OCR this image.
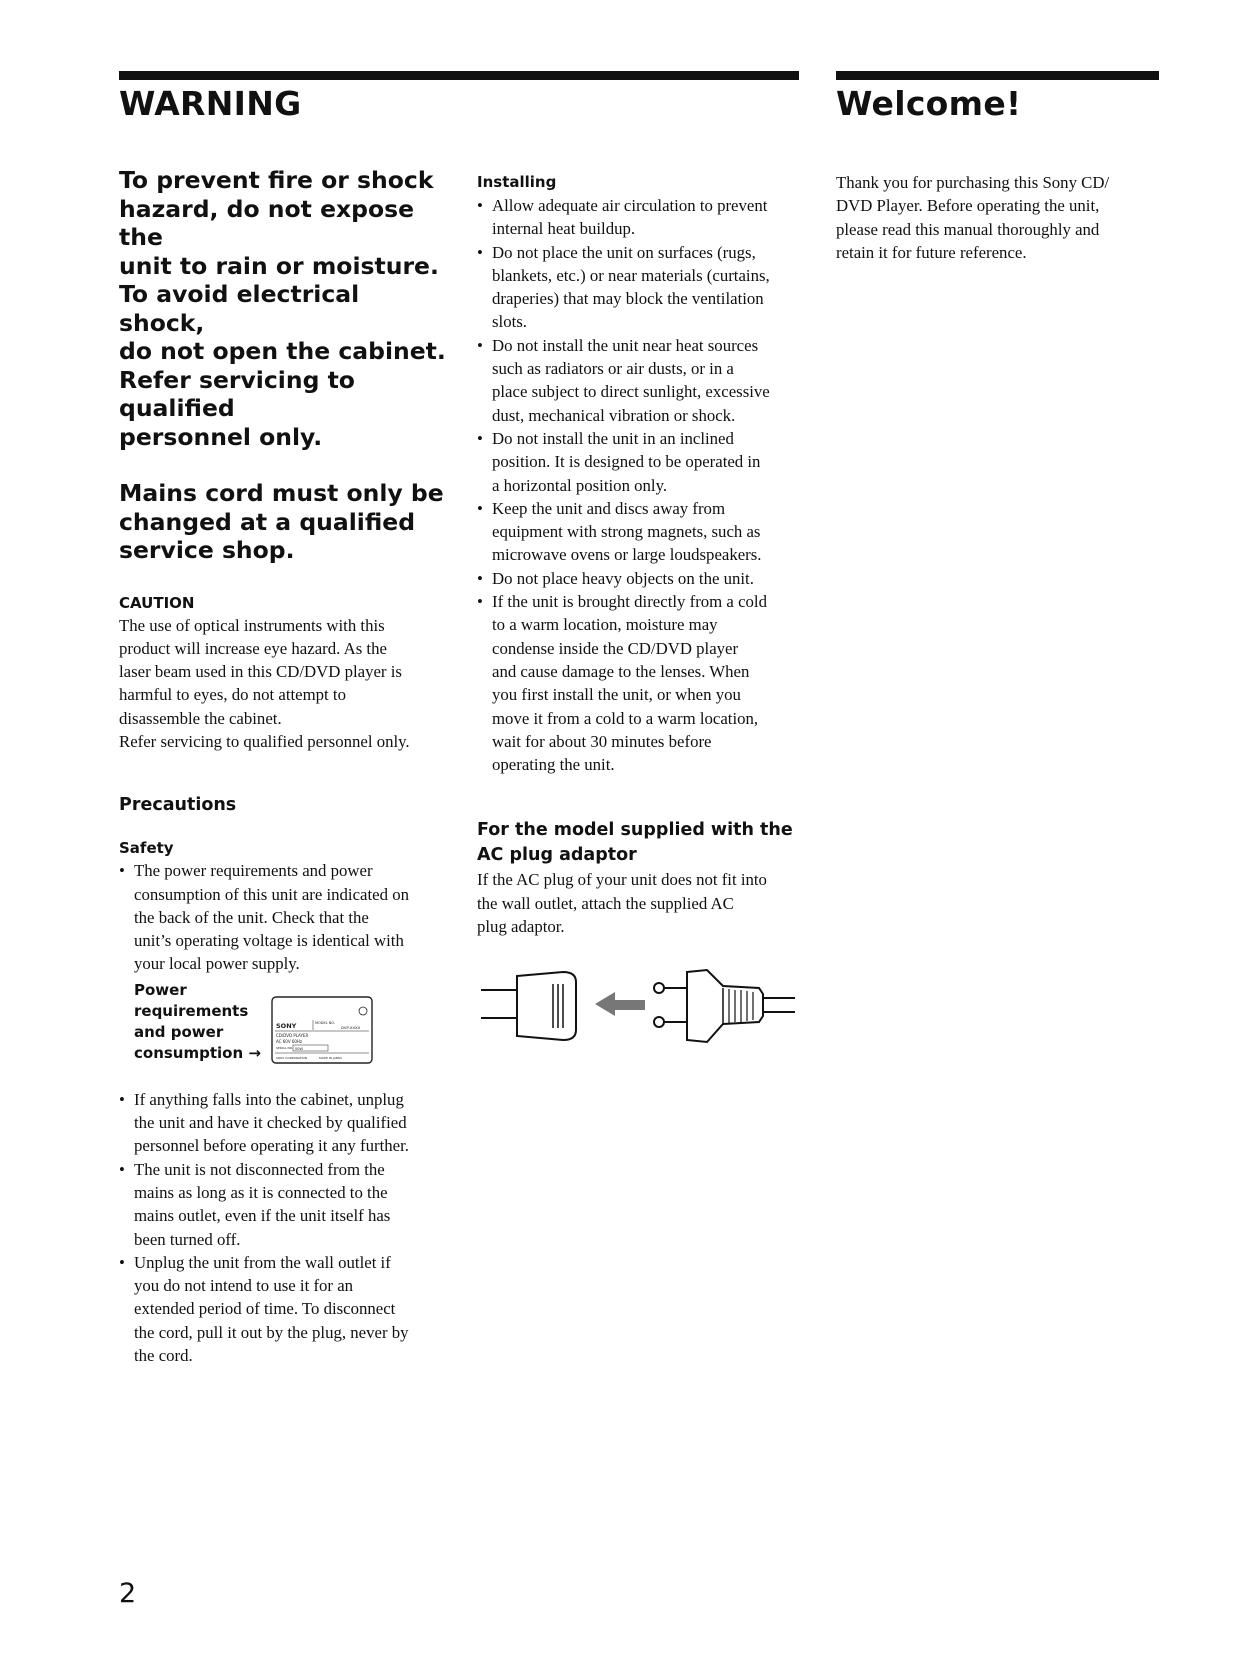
WARNING	Welcome!

To prevent fire or shock

hazard, do not expose the

unit to rain or moisture.

To avoid electrical shock,

do not open the cabinet.

Refer servicing to qualified

personnel only.

Mains cord must only be

changed at a qualified

service shop.

CAUTION

The use of optical instruments with this

product will increase eye hazard. As the

laser beam used in this CD/DVD player is

harmful to eyes, do not attempt to

disassemble the cabinet.

Refer servicing to qualified personnel only.

Precautions

Safety

• The power requirements and power
consumption of this unit are indicated on
the back of the unit. Check that the
unit’s operating voltage is identical with
your local power supply.
Power
requirements
and power
consumption →
SONY	MODEL NO.
DVP-XXXX
CD/DVD PLAYER
AC 60V 60Hz
00W
SERIAL NO.
SONY CORPORATION	MADE IN JAPAN
• If anything falls into the cabinet, unplug
the unit and have it checked by qualified
personnel before operating it any further.
• The unit is not disconnected from the
mains as long as it is connected to the
mains outlet, even if the unit itself has
been turned off.
• Unplug the unit from the wall outlet if
you do not intend to use it for an
extended period of time. To disconnect
the cord, pull it out by the plug, never by
the cord.

Installing

• Allow adequate air circulation to prevent
internal heat buildup.
• Do not place the unit on surfaces (rugs,
blankets, etc.) or near materials (curtains,
draperies) that may block the ventilation
slots.
• Do not install the unit near heat sources
such as radiators or air dusts, or in a
place subject to direct sunlight, excessive
dust, mechanical vibration or shock.
• Do not install the unit in an inclined
position. It is designed to be operated in
a horizontal position only.
• Keep the unit and discs away from
equipment with strong magnets, such as
microwave ovens or large loudspeakers.
• Do not place heavy objects on the unit.
• If the unit is brought directly from a cold
to a warm location, moisture may
condense inside the CD/DVD player
and cause damage to the lenses. When
you first install the unit, or when you
move it from a cold to a warm location,
wait for about 30 minutes before
operating the unit.

For the model supplied with the

AC plug adaptor

If the AC plug of your unit does not fit into

the wall outlet, attach the supplied AC

plug adaptor.

Thank you for purchasing this Sony CD/

DVD Player. Before operating the unit,

please read this manual thoroughly and

retain it for future reference.

2
